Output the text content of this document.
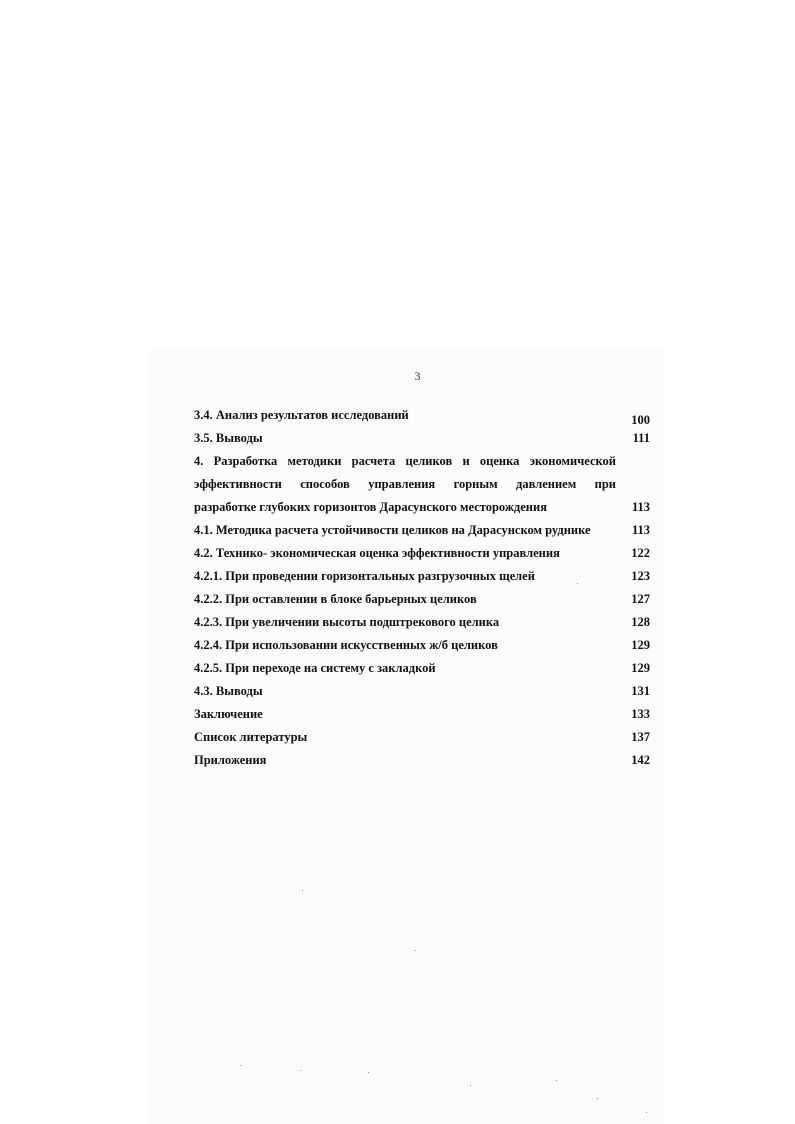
3
3.4. Анализ результатов исследований	100
3.5. Выводы	111
4. Разработка методики расчета целиков и оценка экономической
эффективности способов управления горным давлением при
разработке глубоких горизонтов Дарасунского месторождения	113
4.1. Методика расчета устойчивости целиков на Дарасунском руднике	113
4.2. Технико- экономическая оценка эффективности управления	122
4.2.1. При проведении горизонтальных разгрузочных щелей	123
4.2.2. При оставлении в блоке барьерных целиков	127
4.2.3. При увеличении высоты подштрекового целика	128
4.2.4. При использовании искусственных ж/б целиков	129
4.2.5. При переходе на систему с закладкой	129
4.3. Выводы	131
Заключение	133
Список литературы	137
Приложения	142
